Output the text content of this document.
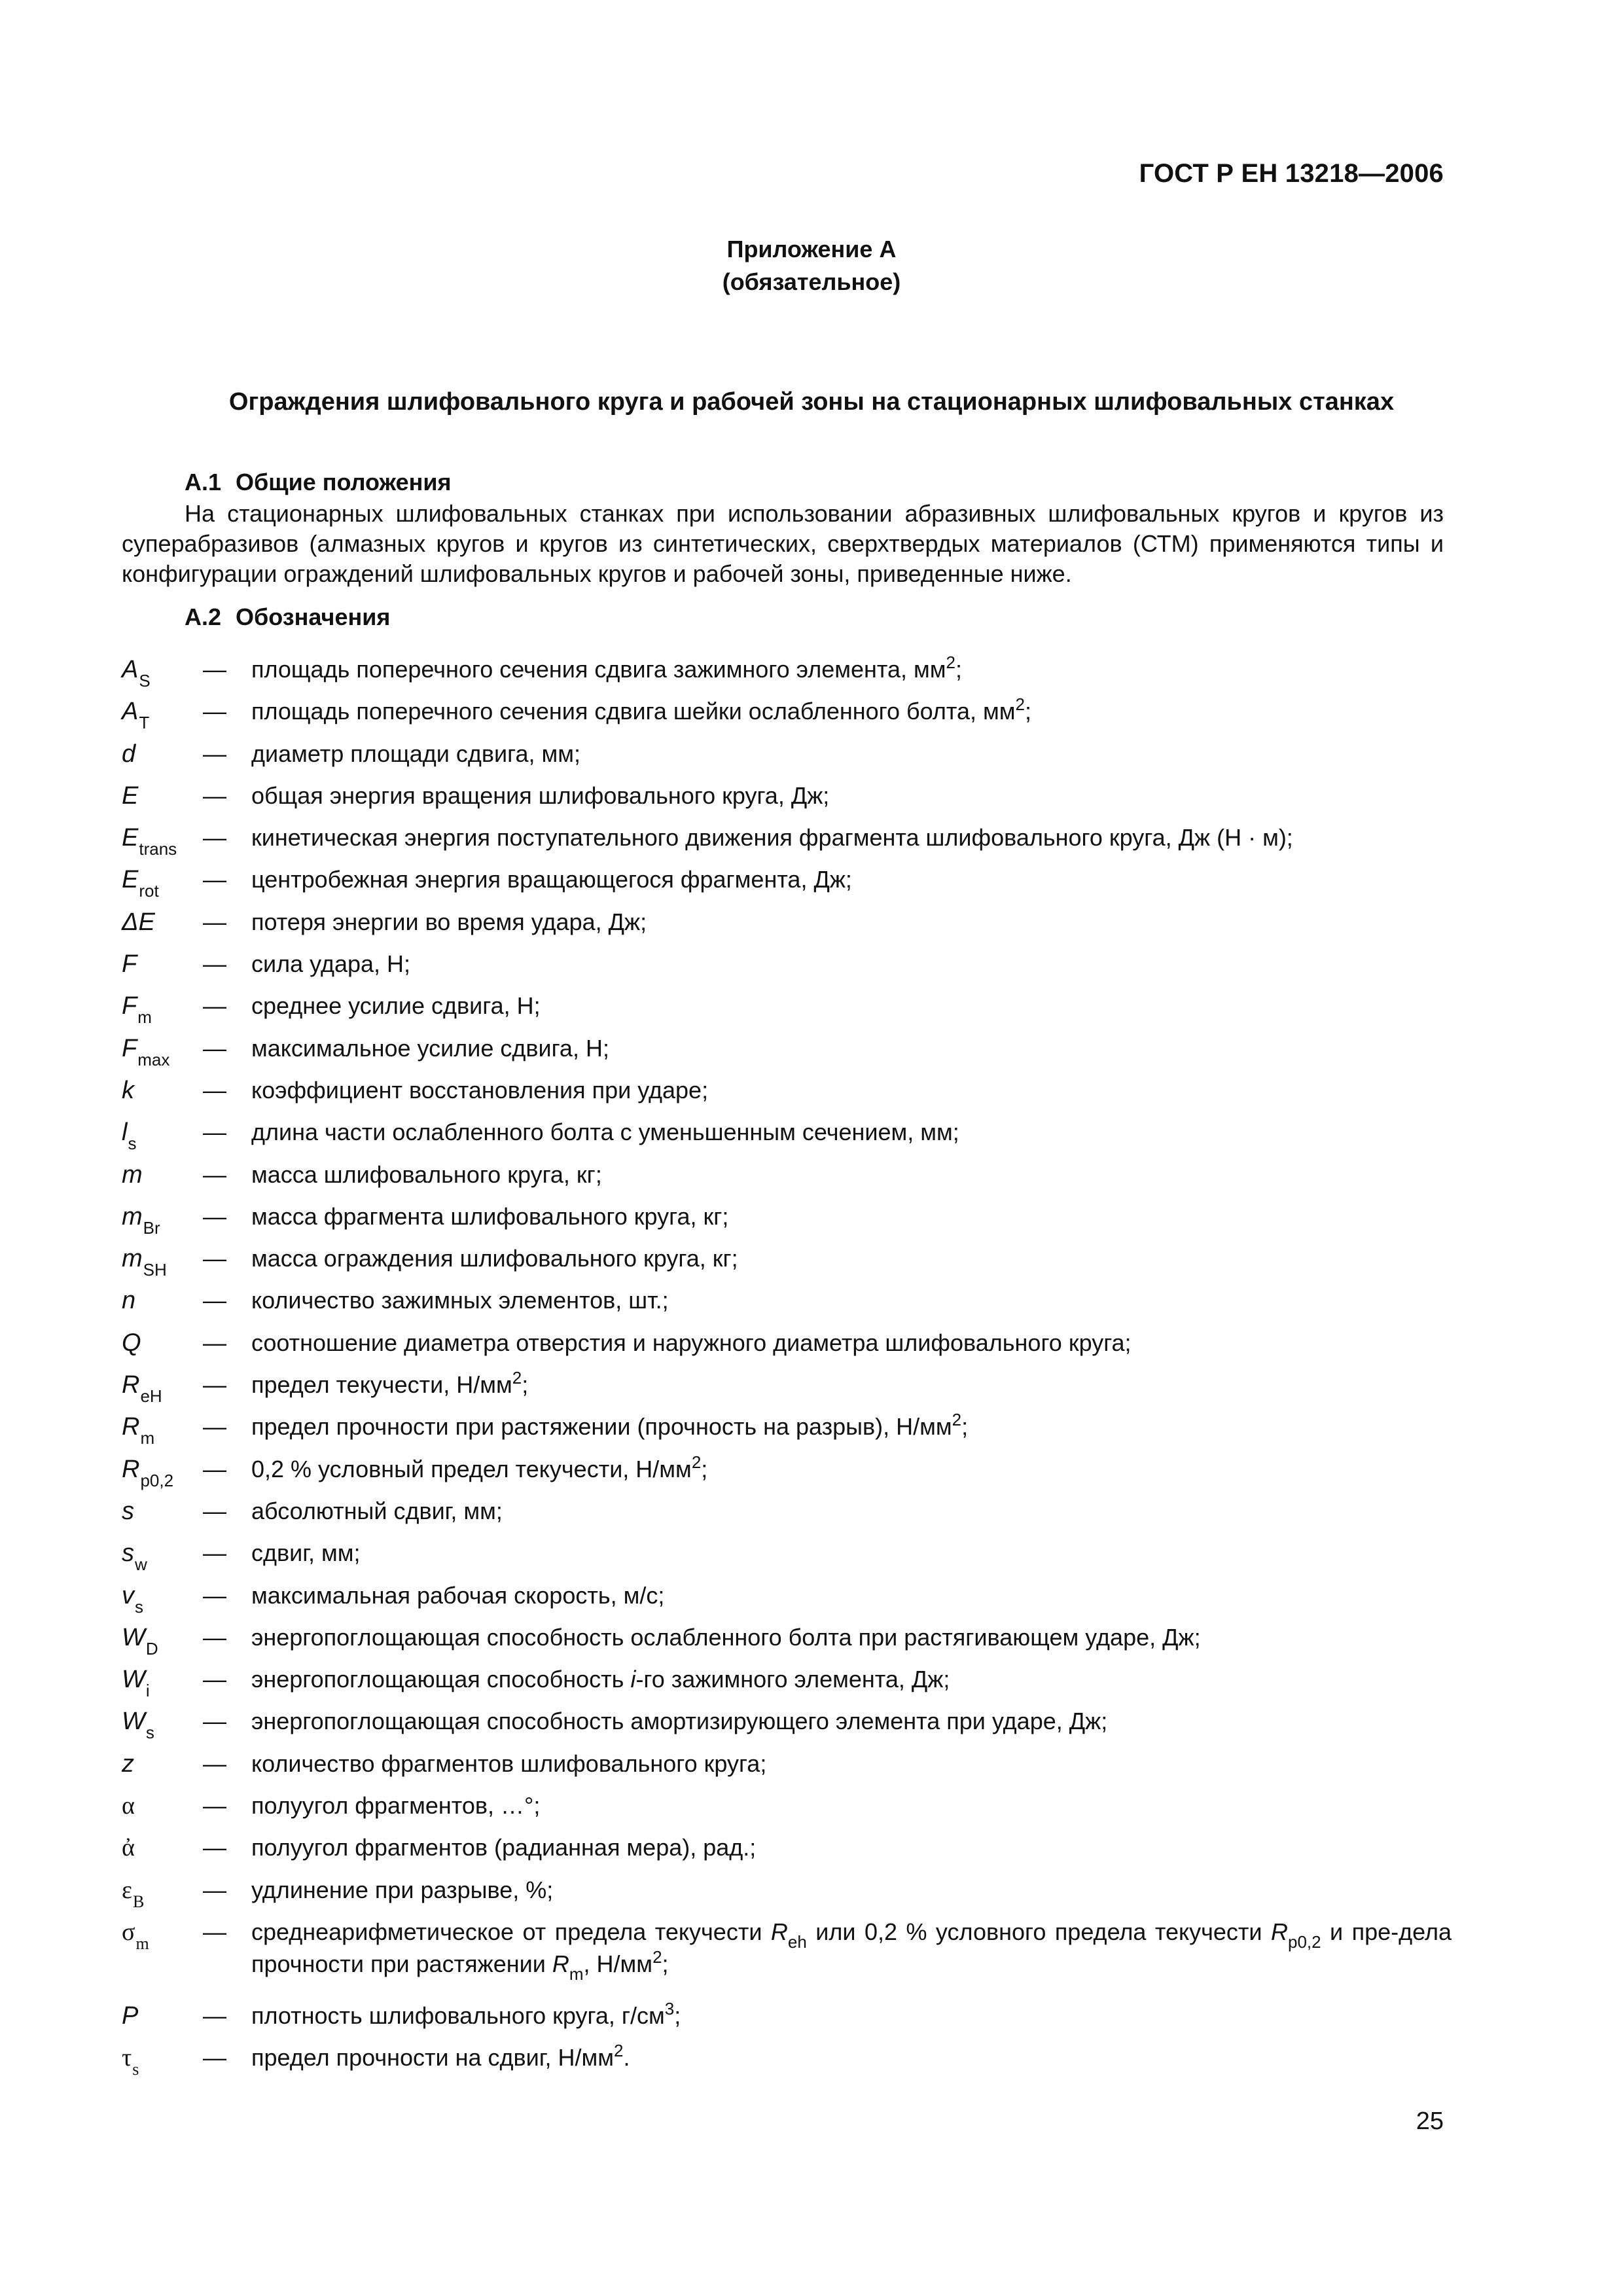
ГОСТ Р ЕН 13218—2006
Приложение А
(обязательное)
Ограждения шлифовального круга и рабочей зоны на стационарных шлифовальных станках
А.1 Общие положения
На стационарных шлифовальных станках при использовании абразивных шлифовальных кругов и кругов из суперабразивов (алмазных кругов и кругов из синтетических, сверхтвердых материалов (СТМ) применяются типы и конфигурации ограждений шлифовальных кругов и рабочей зоны, приведенные ниже.
А.2 Обозначения
$A_S$ — площадь поперечного сечения сдвига зажимного элемента, $мм^2$;
$A_T$ — площадь поперечного сечения сдвига шейки ослабленного болта, $мм^2$;
d	— диаметр площади сдвига, мм;
E	— общая энергия вращения шлифовального круга, Дж;
$E_{trans}$ — кинетическая энергия поступательного движения фрагмента шлифовального круга, Дж (Н · м);
$E_{rot}$ — центробежная энергия вращающегося фрагмента, Дж;
ΔE — потеря энергии во время удара, Дж;
F	— сила удара, Н;
$F_m$ — среднее усилие сдвига, Н;
$F_{max}$ — максимальное усилие сдвига, Н;
k	— коэффициент восстановления при ударе;
$l_s$	— длина части ослабленного болта с уменьшенным сечением, мм;
m	— масса шлифовального круга, кг;
$m_{Br}$ — масса фрагмента шлифовального круга, кг;
$m_{SH}$ — масса ограждения шлифовального круга, кг;
n	— количество зажимных элементов, шт.;
Q	— соотношение диаметра отверстия и наружного диаметра шлифовального круга;
$R_{eH}$ — предел текучести, $Н/мм^2$;
$R_m$ — предел прочности при растяжении (прочность на разрыв), $Н/мм^2$;
$R_{p0,2}$ — 0,2 % условный предел текучести, $Н/мм^2$;
s	— абсолютный сдвиг, мм;
$s_w$ — сдвиг, мм;
$v_s$	— максимальная рабочая скорость, м/с;
$W_D$ — энергопоглощающая способность ослабленного болта при растягивающем ударе, Дж;
$W_i$ — энергопоглощающая способность i-го зажимного элемента, Дж;
$W_s$ — энергопоглощающая способность амортизирующего элемента при ударе, Дж;
z	— количество фрагментов шлифовального круга;
α	— полуугол фрагментов, …°;
ἀ	— полуугол фрагментов (радианная мера), рад.;
$\varepsilon_B$ — удлинение при разрыве, %;
$\sigma_m$ — среднеарифметическое от предела текучести $R_{eh}$ или 0,2 % условного предела текучести $R_{p0,2}$ и пре-дела прочности при растяжении $R_m$, $Н/мм^2$;
P	— плотность шлифовального круга, $г/см^3$;
$\tau_s$	— предел прочности на сдвиг, $Н/мм^2$.
25
